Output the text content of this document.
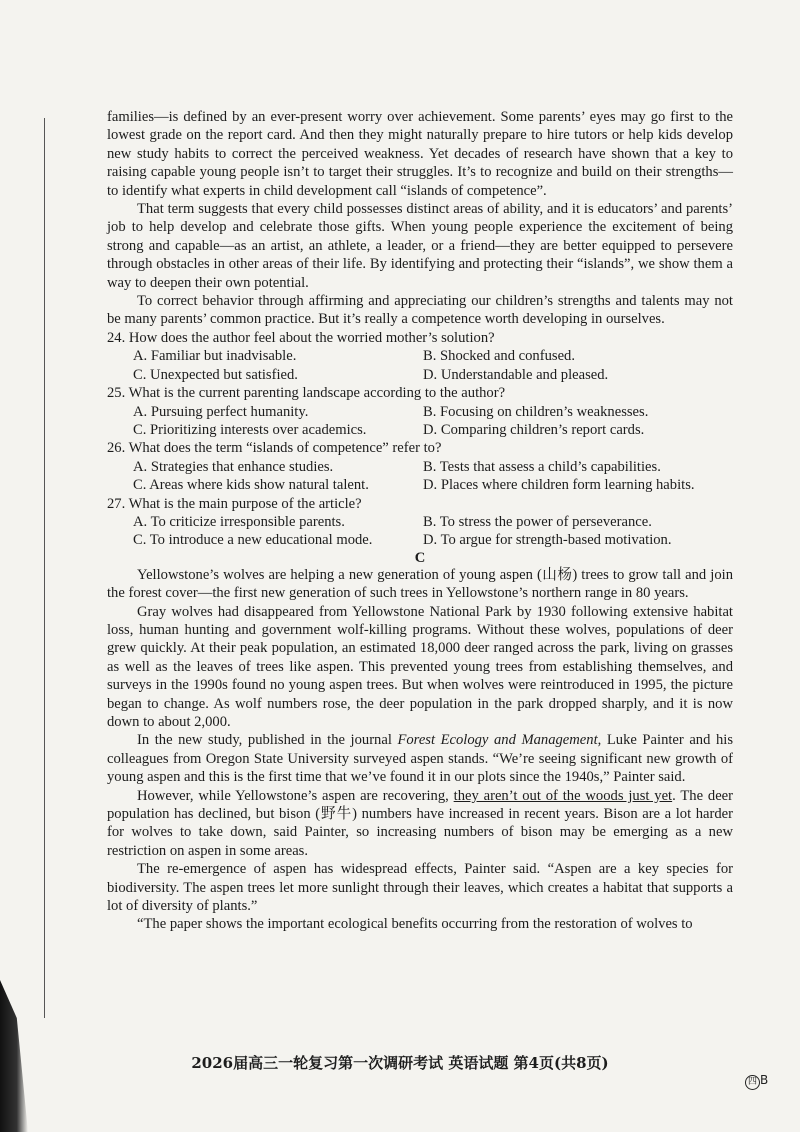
families—is defined by an ever-present worry over achievement. Some parents’ eyes may go first to the lowest grade on the report card. And then they might naturally prepare to hire tutors or help kids develop new study habits to correct the perceived weakness. Yet decades of research have shown that a key to raising capable young people isn’t to target their struggles. It’s to recognize and build on their strengths—to identify what experts in child development call “islands of competence”.

That term suggests that every child possesses distinct areas of ability, and it is educators’ and parents’ job to help develop and celebrate those gifts. When young people experience the excitement of being strong and capable—as an artist, an athlete, a leader, or a friend—they are better equipped to persevere through obstacles in other areas of their life. By identifying and protecting their “islands”, we show them a way to deepen their own potential.

To correct behavior through affirming and appreciating our children’s strengths and talents may not be many parents’ common practice. But it’s really a competence worth developing in ourselves.

24. How does the author feel about the worried mother’s solution?

A. Familiar but inadvisable.	B. Shocked and confused.
C. Unexpected but satisfied.	D. Understandable and pleased.

25. What is the current parenting landscape according to the author?

A. Pursuing perfect humanity.	B. Focusing on children’s weaknesses.
C. Prioritizing interests over academics.	D. Comparing children’s report cards.

26. What does the term “islands of competence” refer to?

A. Strategies that enhance studies.	B. Tests that assess a child’s capabilities.
C. Areas where kids show natural talent.	D. Places where children form learning habits.

27. What is the main purpose of the article?

A. To criticize irresponsible parents.	B. To stress the power of perseverance.
C. To introduce a new educational mode.	D. To argue for strength-based motivation.

C

Yellowstone’s wolves are helping a new generation of young aspen (山杨) trees to grow tall and join the forest cover—the first new generation of such trees in Yellowstone’s northern range in 80 years.

Gray wolves had disappeared from Yellowstone National Park by 1930 following extensive habitat loss, human hunting and government wolf-killing programs. Without these wolves, populations of deer grew quickly. At their peak population, an estimated 18,000 deer ranged across the park, living on grasses as well as the leaves of trees like aspen. This prevented young trees from establishing themselves, and surveys in the 1990s found no young aspen trees. But when wolves were reintroduced in 1995, the picture began to change. As wolf numbers rose, the deer population in the park dropped sharply, and it is now down to about 2,000.

In the new study, published in the journal Forest Ecology and Management, Luke Painter and his colleagues from Oregon State University surveyed aspen stands. “We’re seeing significant new growth of young aspen and this is the first time that we’ve found it in our plots since the 1940s,” Painter said.

However, while Yellowstone’s aspen are recovering, they aren’t out of the woods just yet. The deer population has declined, but bison (野牛) numbers have increased in recent years. Bison are a lot harder for wolves to take down, said Painter, so increasing numbers of bison may be emerging as a new restriction on aspen in some areas.

The re-emergence of aspen has widespread effects, Painter said. “Aspen are a key species for biodiversity. The aspen trees let more sunlight through their leaves, which creates a habitat that supports a lot of diversity of plants.”

“The paper shows the important ecological benefits occurring from the restoration of wolves to

2026届高三一轮复习第一次调研考试 英语试题 第4页(共8页)
四 B
